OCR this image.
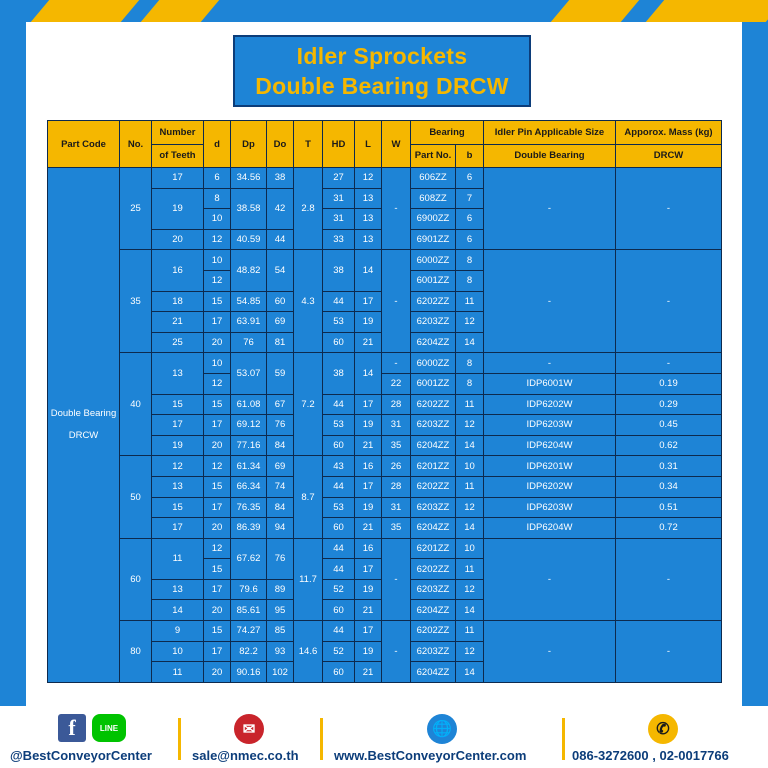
Idler Sprockets
Double Bearing DRCW
Part Code	No.	Number	d	Dp	Do	T	HD	L	W	Bearing		Idler Pin Applicable Size	Apporox. Mass (kg)
		of Teeth								Part No.	b	Double Bearing	DRCW

Double Bearing
DRCW	25	17	6	34.56	38	2.8	27	12	-	606ZZ	6	-	-
		19	8	38.58	42		31	13		608ZZ	7		
			10				31	13		6900ZZ	6		
		20	12	40.59	44		33	13		6901ZZ	6		
	35	16	10	48.82	54	4.3	38	14	-	6000ZZ	8	-	-
			12							6001ZZ	8		
		18	15	54.85	60		44	17		6202ZZ	11		
		21	17	63.91	69		53	19		6203ZZ	12		
		25	20	76	81		60	21		6204ZZ	14		
	40	13	10	53.07	59	7.2	38	14	-	6000ZZ	8	-	-
			12						22	6001ZZ	8	IDP6001W	0.19
		15	15	61.08	67		44	17	28	6202ZZ	11	IDP6202W	0.29
		17	17	69.12	76		53	19	31	6203ZZ	12	IDP6203W	0.45
		19	20	77.16	84		60	21	35	6204ZZ	14	IDP6204W	0.62
	50	12	12	61.34	69	8.7	43	16	26	6201ZZ	10	IDP6201W	0.31
		13	15	66.34	74		44	17	28	6202ZZ	11	IDP6202W	0.34
		15	17	76.35	84		53	19	31	6203ZZ	12	IDP6203W	0.51
		17	20	86.39	94		60	21	35	6204ZZ	14	IDP6204W	0.72
	60	11	12	67.62	76	11.7	44	16	-	6201ZZ	10	-	-
			15				44	17		6202ZZ	11		
		13	17	79.6	89		52	19		6203ZZ	12		
		14	20	85.61	95		60	21		6204ZZ	14		
	80	9	15	74.27	85	14.6	44	17	-	6202ZZ	11	-	-
		10	17	82.2	93		52	19		6203ZZ	12		
		11	20	90.16	102		60	21		6204ZZ	14		
f	LINE
@BestConveyorCenter
✉
sale@nmec.co.th
🌐
www.BestConveyorCenter.com
✆
086-3272600 , 02-0017766
